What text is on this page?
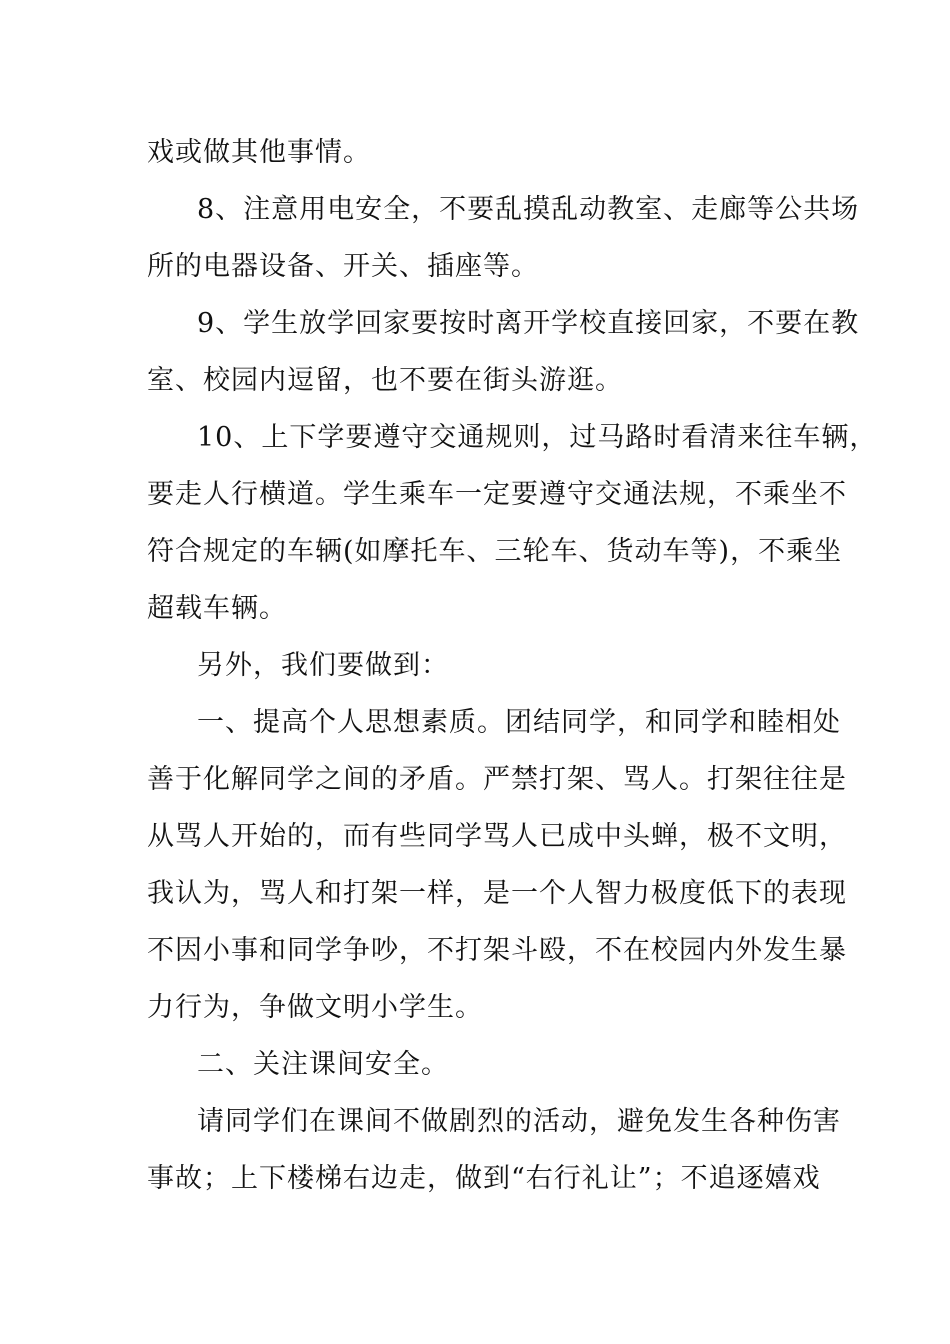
戏或做其他事情。

8、注意用电安全，不要乱摸乱动教室、走廊等公共场

所的电器设备、开关、插座等。

9、学生放学回家要按时离开学校直接回家，不要在教

室、校园内逗留，也不要在街头游逛。

10、上下学要遵守交通规则，过马路时看清来往车辆，

要走人行横道。学生乘车一定要遵守交通法规，不乘坐不

符合规定的车辆(如摩托车、三轮车、货动车等)，不乘坐

超载车辆。

另外，我们要做到：

一、提高个人思想素质。团结同学，和同学和睦相处

善于化解同学之间的矛盾。严禁打架、骂人。打架往往是

从骂人开始的，而有些同学骂人已成中头蝉，极不文明，

我认为，骂人和打架一样，是一个人智力极度低下的表现

不因小事和同学争吵，不打架斗殴，不在校园内外发生暴

力行为，争做文明小学生。

二、关注课间安全。

请同学们在课间不做剧烈的活动，避免发生各种伤害

事故；上下楼梯右边走，做到“右行礼让”；不追逐嬉戏
